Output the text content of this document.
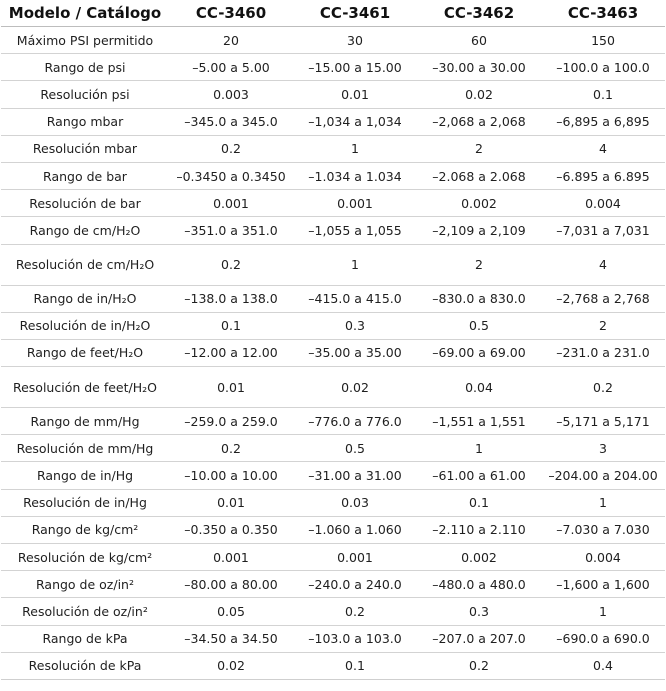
Modelo / Catálogo	CC-3460	CC-3461	CC-3462	CC-3463
Máximo PSI permitido	20	30	60	150
Rango de psi	–5.00 a 5.00	–15.00 a 15.00	–30.00 a 30.00	–100.0 a 100.0
Resolución psi	0.003	0.01	0.02	0.1
Rango mbar	–345.0 a 345.0	–1,034 a 1,034	–2,068 a 2,068	–6,895 a 6,895
Resolución mbar	0.2	1	2	4
Rango de bar	–0.3450 a 0.3450	–1.034 a 1.034	–2.068 a 2.068	–6.895 a 6.895
Resolución de bar	0.001	0.001	0.002	0.004
Rango de cm/H₂O	–351.0 a 351.0	–1,055 a 1,055	–2,109 a 2,109	–7,031 a 7,031
Resolución de cm/H₂O	0.2	1	2	4
Rango de in/H₂O	–138.0 a 138.0	–415.0 a 415.0	–830.0 a 830.0	–2,768 a 2,768
Resolución de in/H₂O	0.1	0.3	0.5	2
Rango de feet/H₂O	–12.00 a 12.00	–35.00 a 35.00	–69.00 a 69.00	–231.0 a 231.0
Resolución de feet/H₂O	0.01	0.02	0.04	0.2
Rango de mm/Hg	–259.0 a 259.0	–776.0 a 776.0	–1,551 a 1,551	–5,171 a 5,171
Resolución de mm/Hg	0.2	0.5	1	3
Rango de in/Hg	–10.00 a 10.00	–31.00 a 31.00	–61.00 a 61.00	–204.00 a 204.00
Resolución de in/Hg	0.01	0.03	0.1	1
Rango de kg/cm²	–0.350 a 0.350	–1.060 a 1.060	–2.110 a 2.110	–7.030 a 7.030
Resolución de kg/cm²	0.001	0.001	0.002	0.004
Rango de oz/in²	–80.00 a 80.00	–240.0 a 240.0	–480.0 a 480.0	–1,600 a 1,600
Resolución de oz/in²	0.05	0.2	0.3	1
Rango de kPa	–34.50 a 34.50	–103.0 a 103.0	–207.0 a 207.0	–690.0 a 690.0
Resolución de kPa	0.02	0.1	0.2	0.4
